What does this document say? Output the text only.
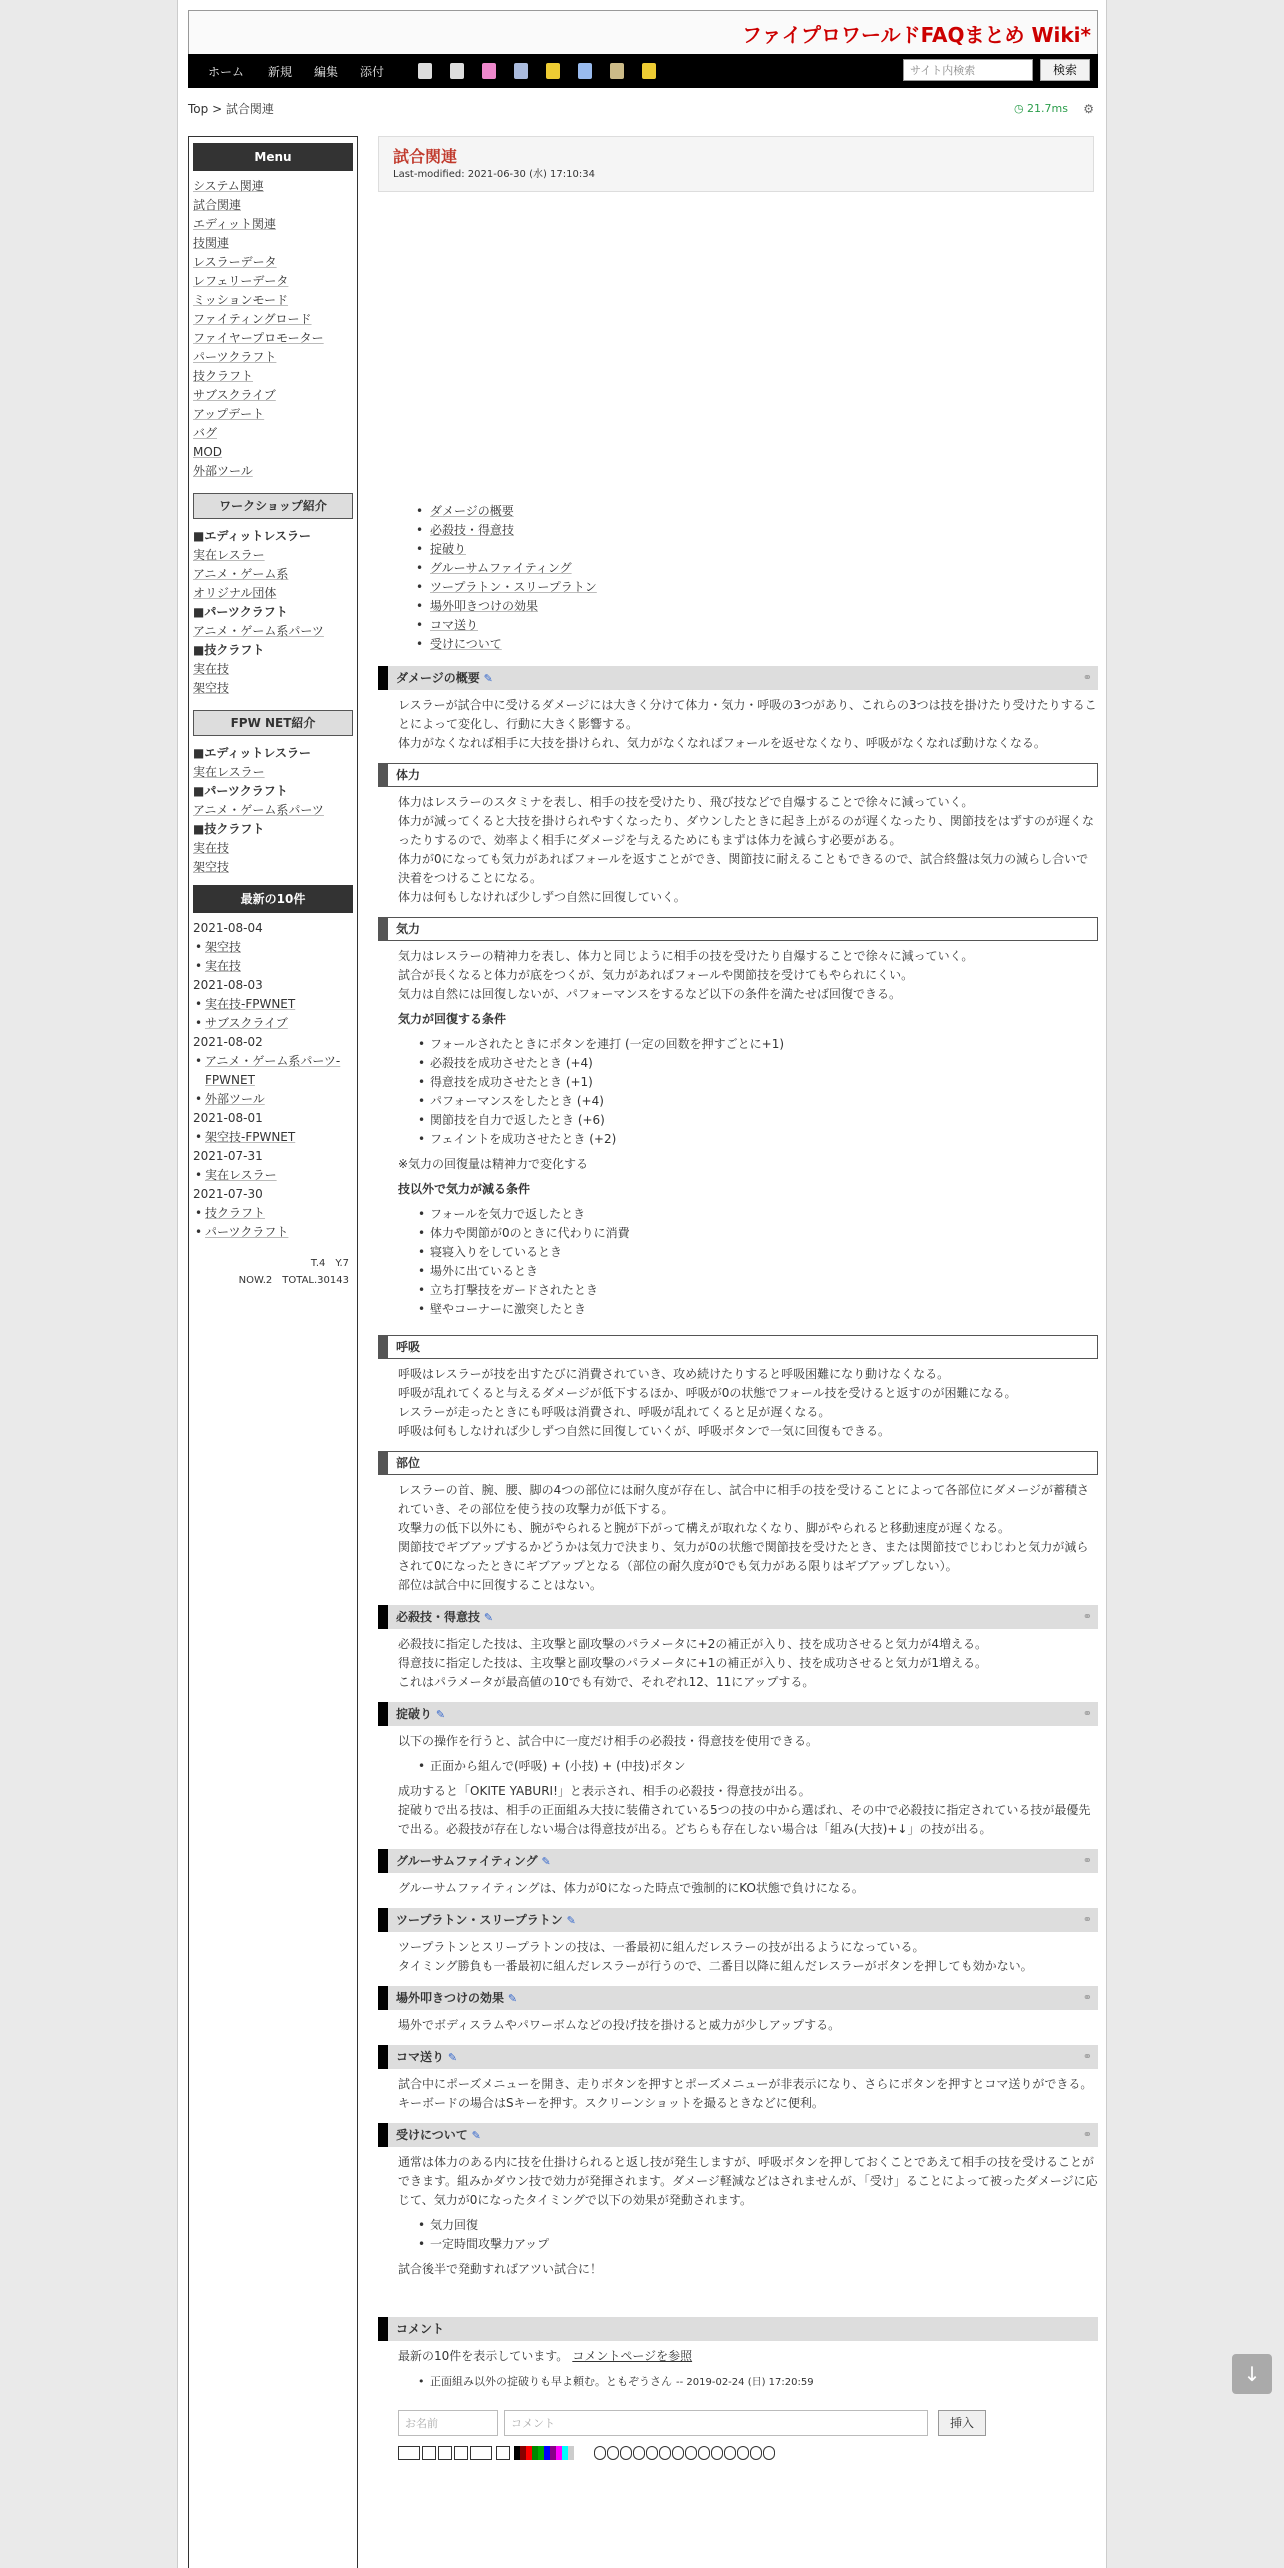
ファイプロワールドFAQまとめ Wiki*
ホーム 新規 編集 添付	サイト内検索	検索
Top > 試合関連	◷ 21.7ms ⚙
Menu
システム関連
試合関連
エディット関連
技関連
レスラーデータ
レフェリーデータ
ミッションモード
ファイティングロード
ファイヤープロモーター
パーツクラフト
技クラフト
サブスクライブ
アップデート
バグ
MOD
外部ツール
ワークショップ紹介
■エディットレスラー
実在レスラー
アニメ・ゲーム系
オリジナル団体
■パーツクラフト
アニメ・ゲーム系パーツ
■技クラフト
実在技
架空技
FPW NET紹介
■エディットレスラー
実在レスラー
■パーツクラフト
アニメ・ゲーム系パーツ
■技クラフト
実在技
架空技
最新の10件
2021-08-04
• 架空技
• 実在技
2021-08-03
• 実在技-FPWNET
• サブスクライブ
2021-08-02
• アニメ・ゲーム系パーツ-FPWNET
• 外部ツール
2021-08-01
• 架空技-FPWNET
2021-07-31
• 実在レスラー
2021-07-30
• 技クラフト
• パーツクラフト
T.4　Y.7
NOW.2　TOTAL.30143
試合関連
Last-modified: 2021-06-30 (水) 17:10:34
• ダメージの概要
• 必殺技・得意技
• 掟破り
• グルーサムファイティング
• ツープラトン・スリープラトン
• 場外叩きつけの効果
• コマ送り
• 受けについて
ダメージの概要 ✎	⚭

レスラーが試合中に受けるダメージには大きく分けて体力・気力・呼吸の3つがあり、これらの3つは技を掛けたり受けたりすることによって変化し、行動に大きく影響する。

体力がなくなれば相手に大技を掛けられ、気力がなくなればフォールを返せなくなり、呼吸がなくなれば動けなくなる。

体力

体力はレスラーのスタミナを表し、相手の技を受けたり、飛び技などで自爆することで徐々に減っていく。

体力が減ってくると大技を掛けられやすくなったり、ダウンしたときに起き上がるのが遅くなったり、関節技をはずすのが遅くなったりするので、効率よく相手にダメージを与えるためにもまずは体力を減らす必要がある。

体力が0になっても気力があればフォールを返すことができ、関節技に耐えることもできるので、試合終盤は気力の減らし合いで決着をつけることになる。

体力は何もしなければ少しずつ自然に回復していく。

気力

気力はレスラーの精神力を表し、体力と同じように相手の技を受けたり自爆することで徐々に減っていく。

試合が長くなると体力が底をつくが、気力があればフォールや関節技を受けてもやられにくい。

気力は自然には回復しないが、パフォーマンスをするなど以下の条件を満たせば回復できる。

気力が回復する条件
• フォールされたときにボタンを連打 (一定の回数を押すごとに+1)
• 必殺技を成功させたとき (+4)
• 得意技を成功させたとき (+1)
• パフォーマンスをしたとき (+4)
• 関節技を自力で返したとき (+6)
• フェイントを成功させたとき (+2)

※気力の回復量は精神力で変化する

技以外で気力が減る条件
• フォールを気力で返したとき
• 体力や関節が0のときに代わりに消費
• 寝寝入りをしているとき
• 場外に出ているとき
• 立ち打撃技をガードされたとき
• 壁やコーナーに激突したとき
呼吸

呼吸はレスラーが技を出すたびに消費されていき、攻め続けたりすると呼吸困難になり動けなくなる。

呼吸が乱れてくると与えるダメージが低下するほか、呼吸が0の状態でフォール技を受けると返すのが困難になる。

レスラーが走ったときにも呼吸は消費され、呼吸が乱れてくると足が遅くなる。

呼吸は何もしなければ少しずつ自然に回復していくが、呼吸ボタンで一気に回復もできる。

部位

レスラーの首、腕、腰、脚の4つの部位には耐久度が存在し、試合中に相手の技を受けることによって各部位にダメージが蓄積されていき、その部位を使う技の攻撃力が低下する。

攻撃力の低下以外にも、腕がやられると腕が下がって構えが取れなくなり、脚がやられると移動速度が遅くなる。

関節技でギブアップするかどうかは気力で決まり、気力が0の状態で関節技を受けたとき、または関節技でじわじわと気力が減らされて0になったときにギブアップとなる（部位の耐久度が0でも気力がある限りはギブアップしない）。

部位は試合中に回復することはない。

必殺技・得意技 ✎	⚭

必殺技に指定した技は、主攻撃と副攻撃のパラメータに+2の補正が入り、技を成功させると気力が4増える。

得意技に指定した技は、主攻撃と副攻撃のパラメータに+1の補正が入り、技を成功させると気力が1増える。

これはパラメータが最高値の10でも有効で、それぞれ12、11にアップする。

掟破り ✎	⚭

以下の操作を行うと、試合中に一度だけ相手の必殺技・得意技を使用できる。

• 正面から組んで(呼吸) + (小技) + (中技)ボタン

成功すると「OKITE YABURI!」と表示され、相手の必殺技・得意技が出る。

掟破りで出る技は、相手の正面組み大技に装備されている5つの技の中から選ばれ、その中で必殺技に指定されている技が最優先で出る。必殺技が存在しない場合は得意技が出る。どちらも存在しない場合は「組み(大技)+↓」の技が出る。

グルーサムファイティング ✎	⚭

グルーサムファイティングは、体力が0になった時点で強制的にKO状態で負けになる。

ツープラトン・スリープラトン ✎	⚭

ツープラトンとスリープラトンの技は、一番最初に組んだレスラーの技が出るようになっている。

タイミング勝負も一番最初に組んだレスラーが行うので、二番目以降に組んだレスラーがボタンを押しても効かない。

場外叩きつけの効果 ✎	⚭

場外でボディスラムやパワーボムなどの投げ技を掛けると威力が少しアップする。

コマ送り ✎	⚭

試合中にポーズメニューを開き、走りボタンを押すとポーズメニューが非表示になり、さらにボタンを押すとコマ送りができる。キーボードの場合はSキーを押す。スクリーンショットを撮るときなどに便利。

受けについて ✎	⚭

通常は体力のある内に技を仕掛けられると返し技が発生しますが、呼吸ボタンを押しておくことであえて相手の技を受けることができます。組みかダウン技で効力が発揮されます。ダメージ軽減などはされませんが、「受け」ることによって被ったダメージに応じて、気力が0になったタイミングで以下の効果が発動されます。

• 気力回復
• 一定時間攻撃力アップ

試合後半で発動すればアツい試合に！

コメント

最新の10件を表示しています。 コメントページを参照

• 正面組み以外の掟破りも早よ頼む。ともぞうさん -- 2019-02-24 (日) 17:20:59
お名前	コメント	挿入
↓
